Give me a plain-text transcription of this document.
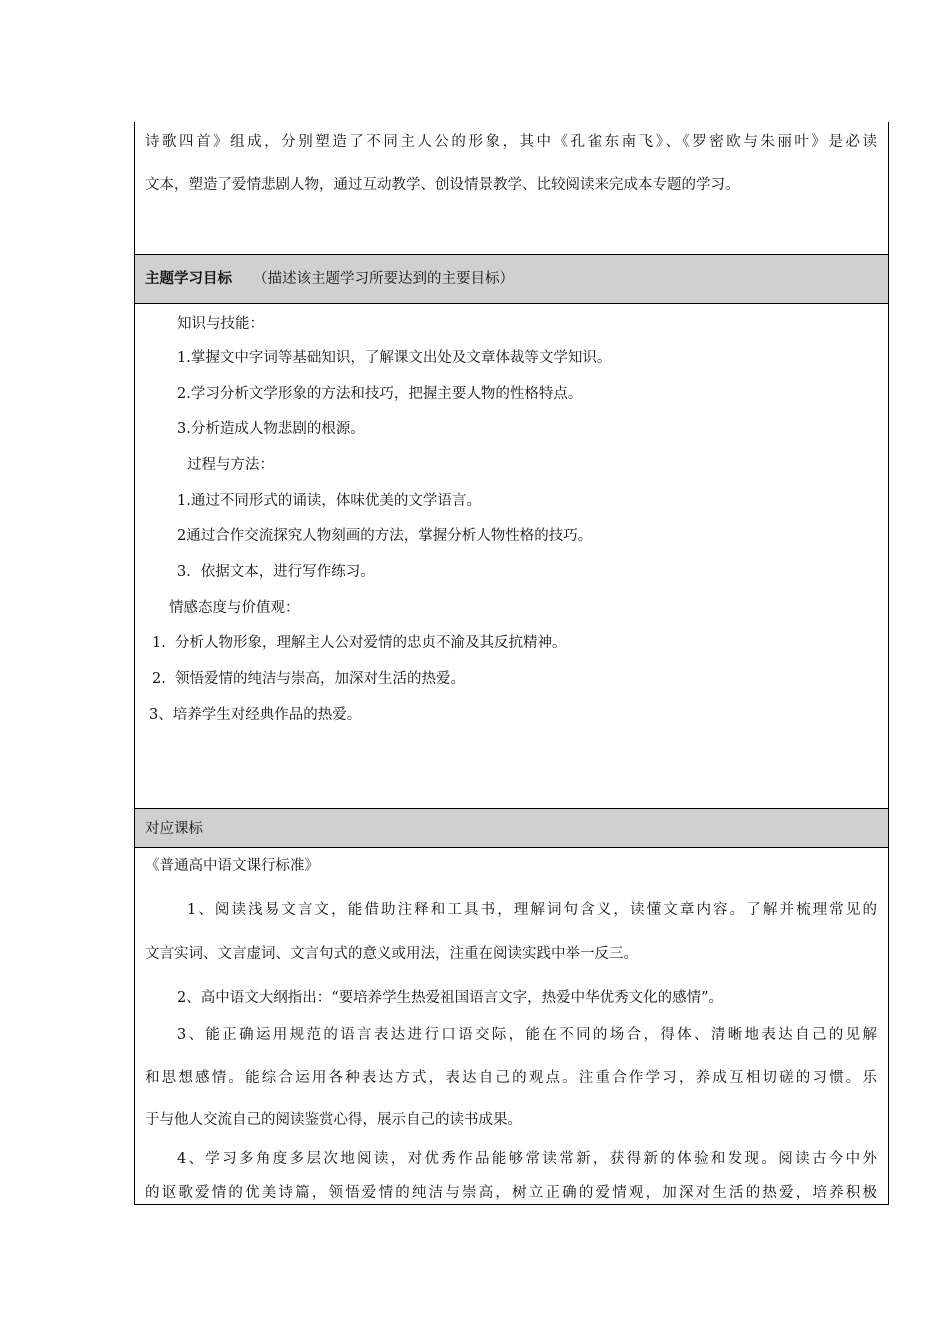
诗歌四首》组成，分别塑造了不同主人公的形象，其中《孔雀东南飞》、《罗密欧与朱丽叶》是必读
文本，塑造了爱情悲剧人物，通过互动教学、创设情景教学、比较阅读来完成本专题的学习。
主题学习目标 （描述该主题学习所要达到的主要目标）
知识与技能：
1.掌握文中字词等基础知识，了解课文出处及文章体裁等文学知识。
2.学习分析文学形象的方法和技巧，把握主要人物的性格特点。
3.分析造成人物悲剧的根源。
过程与方法：
1.通过不同形式的诵读，体味优美的文学语言。
2通过合作交流探究人物刻画的方法，掌握分析人物性格的技巧。
3．依据文本，进行写作练习。
情感态度与价值观：
1.  分析人物形象，理解主人公对爱情的忠贞不渝及其反抗精神。
2.  领悟爱情的纯洁与崇高，加深对生活的热爱。
3、培养学生对经典作品的热爱。
对应课标
《普通高中语文课行标准》
1、阅读浅易文言文，能借助注释和工具书，理解词句含义，读懂文章内容。了解并梳理常见的
文言实词、文言虚词、文言句式的意义或用法，注重在阅读实践中举一反三。
2、高中语文大纲指出：“要培养学生热爱祖国语言文字，热爱中华优秀文化的感情”。
3、能正确运用规范的语言表达进行口语交际，能在不同的场合，得体、清晰地表达自己的见解
和思想感情。能综合运用各种表达方式，表达自己的观点。注重合作学习，养成互相切磋的习惯。乐
于与他人交流自己的阅读鉴赏心得，展示自己的读书成果。
4、学习多角度多层次地阅读，对优秀作品能够常读常新，获得新的体验和发现。阅读古今中外
的讴歌爱情的优美诗篇，领悟爱情的纯洁与崇高，树立正确的爱情观，加深对生活的热爱，培养积极
